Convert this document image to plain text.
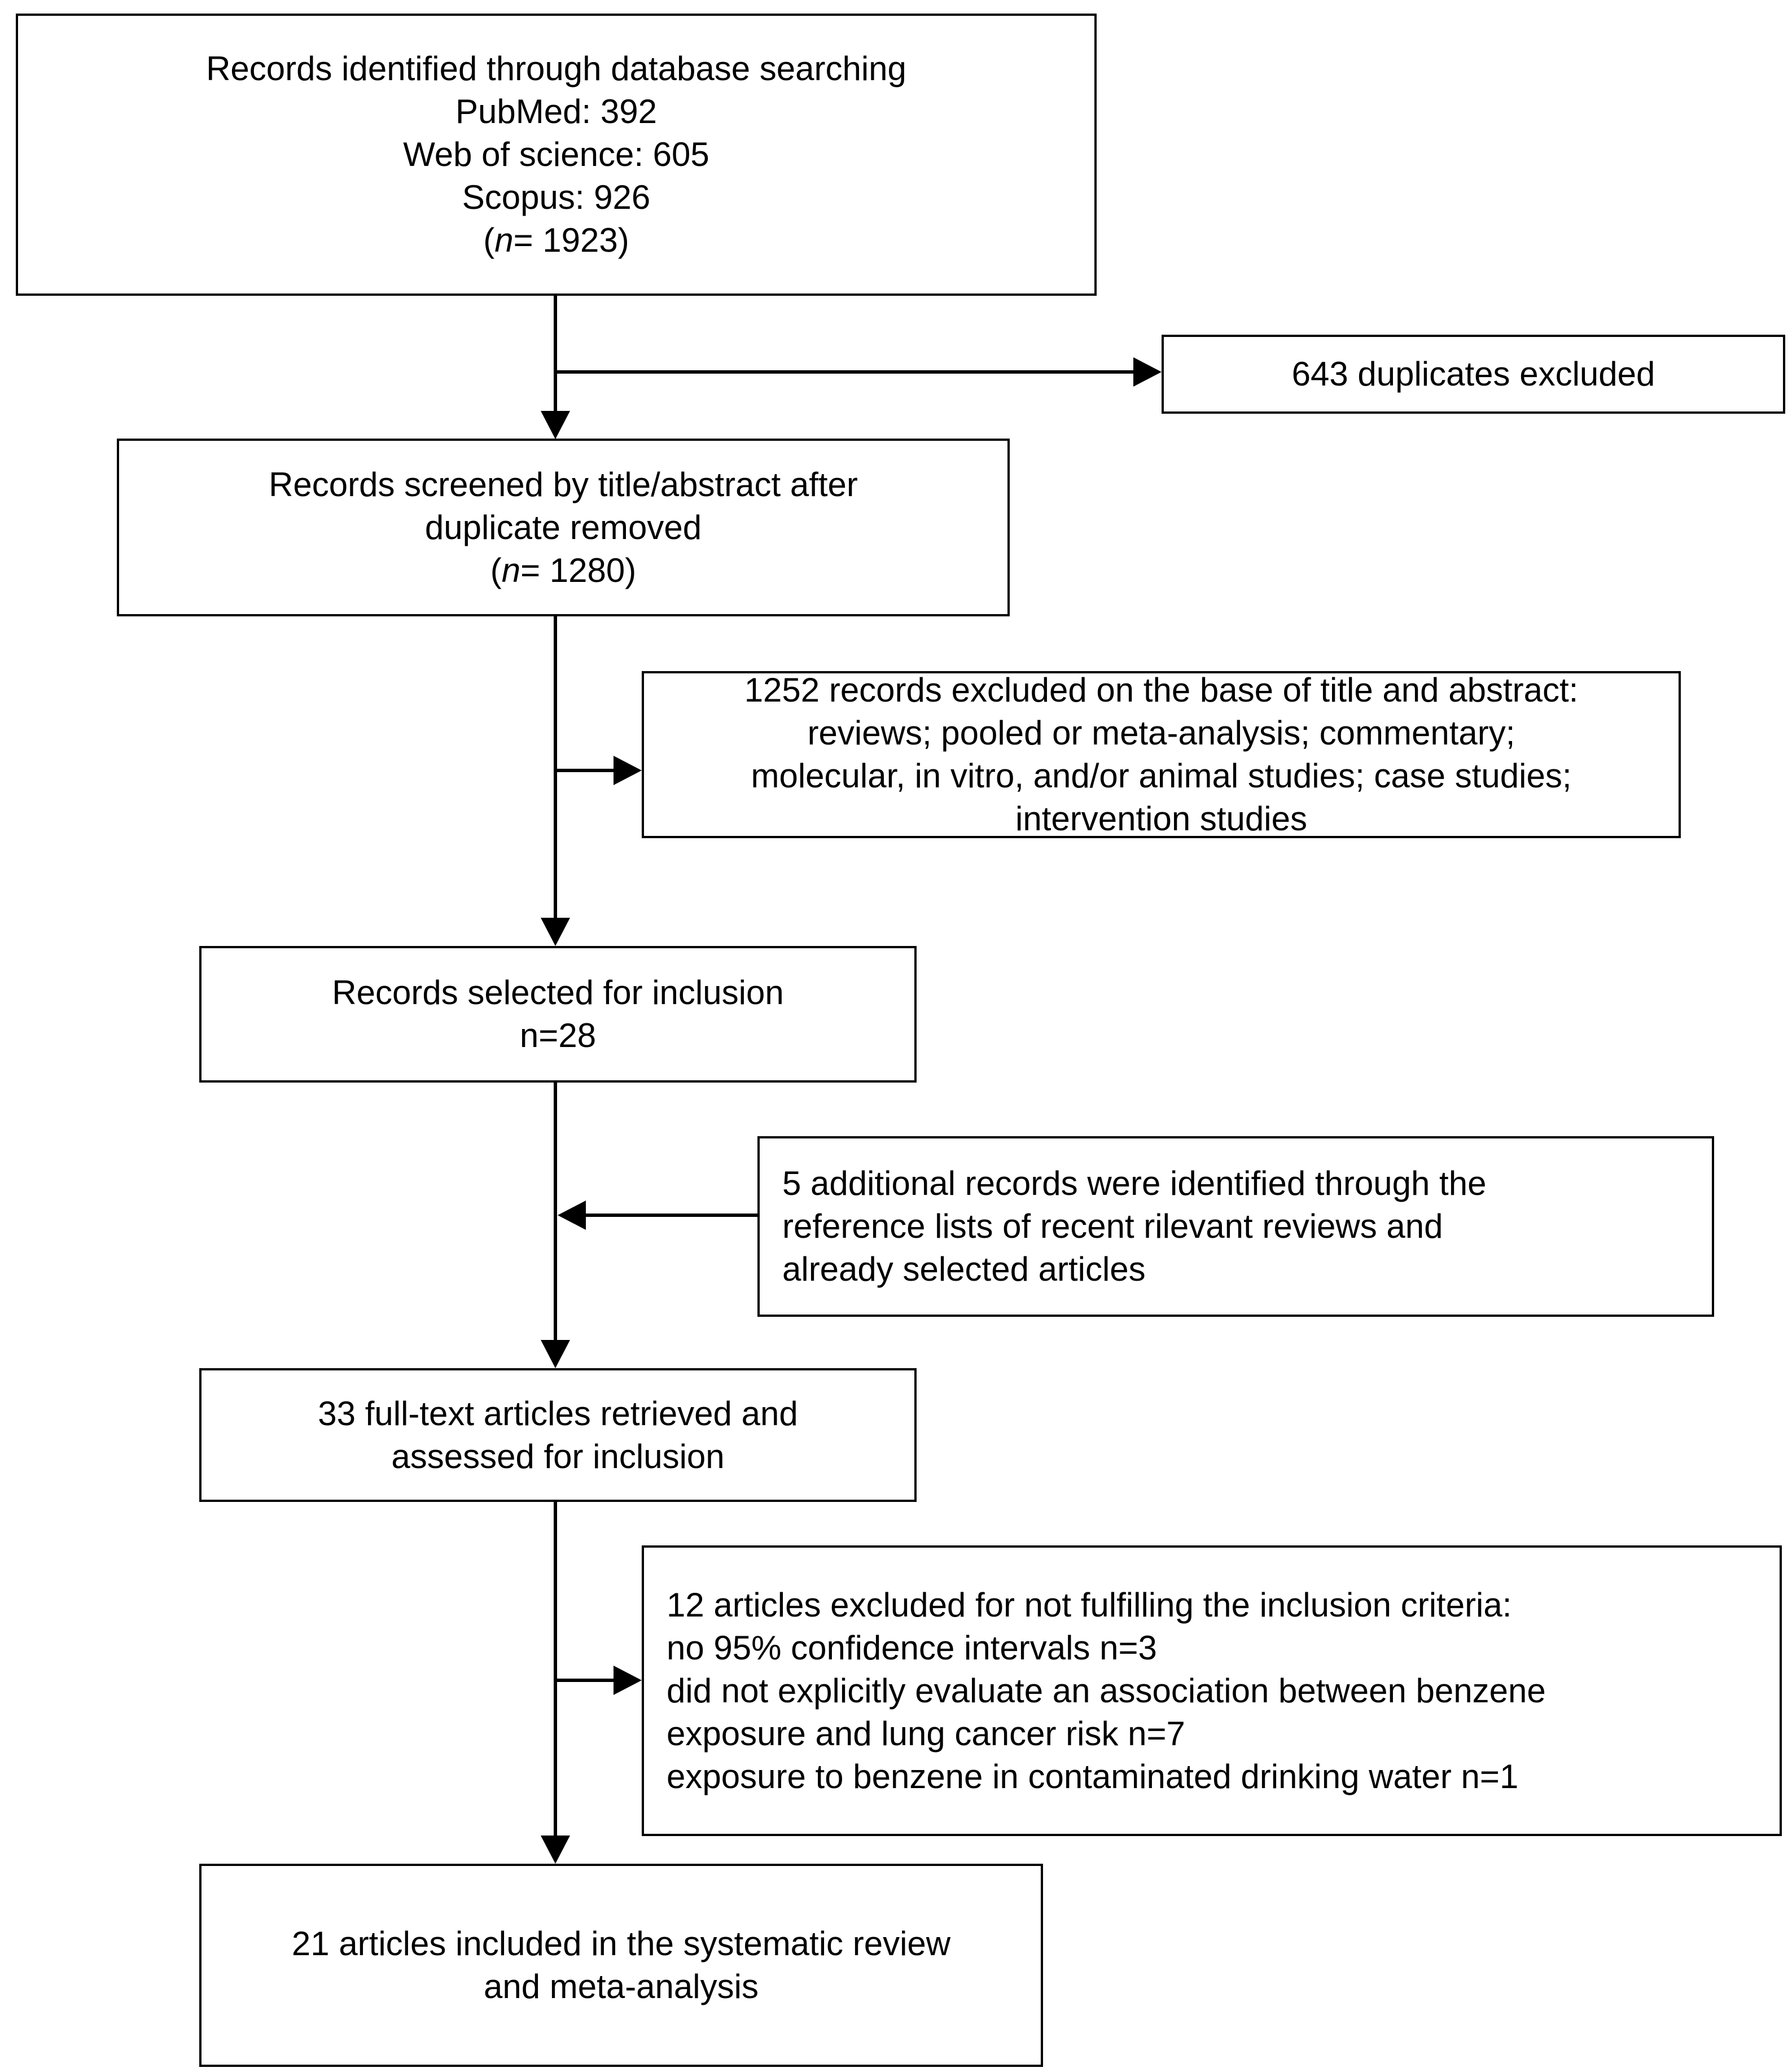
Records identified through database searching
PubMed: 392
Web of science: 605
Scopus: 926
(n= 1923)
643 duplicates excluded
Records screened by title/abstract after
duplicate removed
(n= 1280)
1252 records excluded on the base of title and abstract:
reviews; pooled or meta-analysis; commentary;
molecular, in vitro, and/or animal studies; case studies;
intervention studies
Records selected for inclusion
n=28
5 additional records were identified through the
reference lists of recent rilevant reviews and
already selected articles
33 full-text articles retrieved and
assessed for inclusion
12 articles excluded for not fulfilling the inclusion criteria:
no 95% confidence intervals n=3
did not explicitly evaluate an association between benzene
exposure and lung cancer risk n=7
exposure to benzene in contaminated drinking water n=1
21 articles included in the systematic review
and meta-analysis
